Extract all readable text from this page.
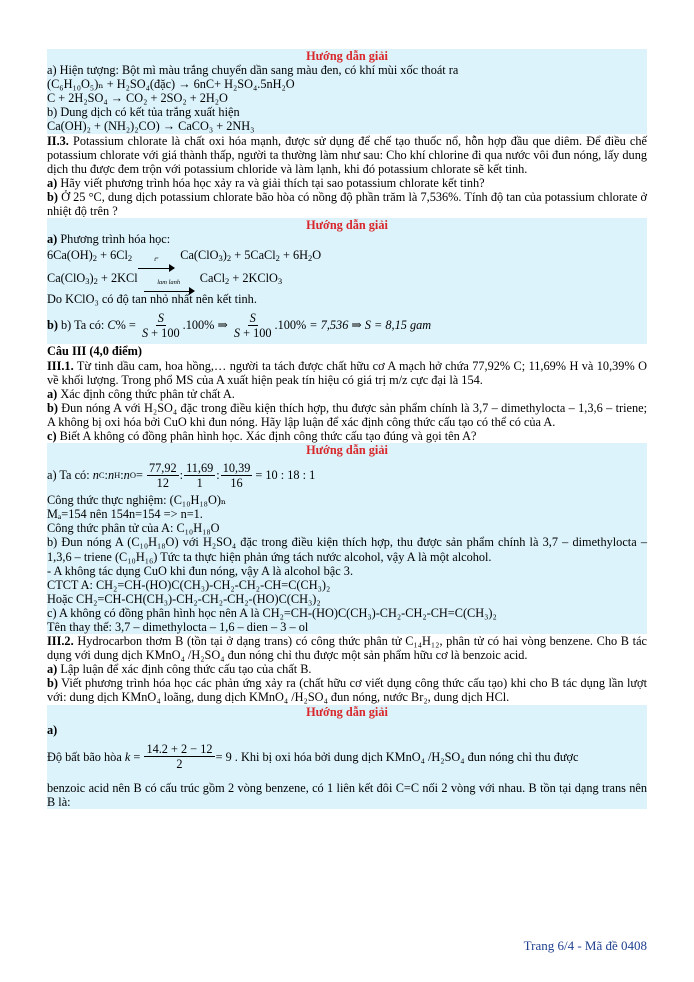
Hướng dẫn giải
a) Hiện tượng: Bột mì màu trắng chuyển dần sang màu đen, có khí mùi xốc thoát ra
(C₆H₁₀O₅)ₙ + H₂SO₄(đặc) → 6nC+ H₂SO₄.5nH₂O
C + 2H₂SO₄ → CO₂ + 2SO₂ + 2H₂O
b) Dung dịch có kết tủa trắng xuất hiện
Ca(OH)₂ + (NH₂)₂CO) → CaCO₃ + 2NH₃
II.3. Potassium chlorate là chất oxi hóa mạnh, được sử dụng để chế tạo thuốc nổ, hỗn hợp đầu que diêm. Để điều chế potassium chlorate với giá thành thấp, người ta thường làm như sau: Cho khí chlorine đi qua nước vôi đun nóng, lấy dung dịch thu được đem trộn với potassium chloride và làm lạnh, khi đó potassium chlorate sẽ kết tinh.
a) Hãy viết phương trình hóa học xảy ra và giải thích tại sao potassium chlorate kết tinh?
b) Ở 25 °C, dung dịch potassium chlorate bão hòa có nồng độ phần trăm là 7,536%. Tính độ tan của potassium chlorate ở nhiệt độ trên ?
Hướng dẫn giải
a) Phương trình hóa học:
$6Ca(OH)_2 + 6Cl_2$	tº $Ca(ClO_3)_2$ + 5CaCl$_2$ + $6H_2O$
$Ca(ClO_3)_2 + 2KCl$	lam lanh CaCl$_2$ + 2KClO$_3$
Do KClO₃ có độ tan nhỏ nhất nên kết tinh.
b)
b) Ta có:
C % =
S
S + 100
.100% ⇒ $\frac{S}{S + 100} .100\% = 7,536$ ⇒ S = 8,15 gam
Câu III (4,0 điểm)
III.1. Từ tinh dầu cam, hoa hồng,… người ta tách được chất hữu cơ A mạch hở chứa 77,92% C; 11,69% H và 10,39% O về khối lượng. Trong phổ MS của A xuất hiện peak tín hiệu có giá trị m/z cực đại là 154.
a) Xác định công thức phân tử chất A.
b) Đun nóng A với H₂SO₄ đặc trong điều kiện thích hợp, thu được sản phẩm chính là 3,7 – dimethylocta – 1,3,6 – triene; A không bị oxi hóa bởi CuO khi đun nóng. Hãy lập luận để xác định công thức cấu tạo có thể có của A.
c) Biết A không có đồng phân hình học. Xác định công thức cấu tạo đúng và gọi tên A?
Hướng dẫn giải
a) Ta có:
n C : n H : n O =
77,92
12
:
11,69
1
: $\frac{10,39}{16} = 10$ : 18 : 1
Công thức thực nghiệm: (C₁₀H₁₈O)ₙ
Mₐ=154 nên 154n=154 => n=1.
Công thức phân tử của A: C₁₀H₁₈O
b) Đun nóng A (C₁₀H₁₈O) với H₂SO₄ đặc trong điều kiện thích hợp, thu được sản phẩm chính là 3,7 – dimethylocta – 1,3,6 – triene (C₁₀H₁₆) Tức ta thực hiện phản ứng tách nước alcohol, vậy A là một alcohol.
- A không tác dụng CuO khi đun nóng, vậy A là alcohol bậc 3.
CTCT A: CH₂=CH-(HO)C(CH₃)-CH₂-CH₂-CH=C(CH₃)₂
Hoặc CH₂=CH-CH(CH₃)-CH₂-CH₂-CH₂-(HO)C(CH₃)₂
c) A không có đồng phân hình học nên A là CH₂=CH-(HO)C(CH₃)-CH₂-CH₂-CH=C(CH₃)₂
Tên thay thế: 3,7 – dimethylocta – 1,6 – dien – 3 – ol
III.2. Hydrocarbon thơm B (tồn tại ở dạng trans) có công thức phân tử C₁₄H₁₂, phân tử có hai vòng benzene. Cho B tác dụng với dung dịch KMnO₄ /H₂SO₄ đun nóng chỉ thu được một sản phẩm hữu cơ là benzoic acid.
a) Lập luận để xác định công thức cấu tạo của chất B.
b) Viết phương trình hóa học các phản ứng xảy ra (chất hữu cơ viết dụng công thức cấu tạo) khi cho B tác dụng lần lượt với: dung dịch KMnO₄ loãng, dung dịch KMnO₄ /H₂SO₄ đun nóng, nước Br₂, dung dịch HCl.
Hướng dẫn giải
a)
Độ bất bão hòa
$k = \frac{14.2 + 2 - 12}{2} = 9$ . Khi bị oxi hóa bởi dung dịch KMnO₄ /H₂SO₄ đun nóng chỉ thu được
benzoic acid nên B có cấu trúc gồm 2 vòng benzene, có 1 liên kết đôi C=C nối 2 vòng với nhau. B tồn tại dạng trans nên B là:
Trang 6/4 - Mã đề 0408
